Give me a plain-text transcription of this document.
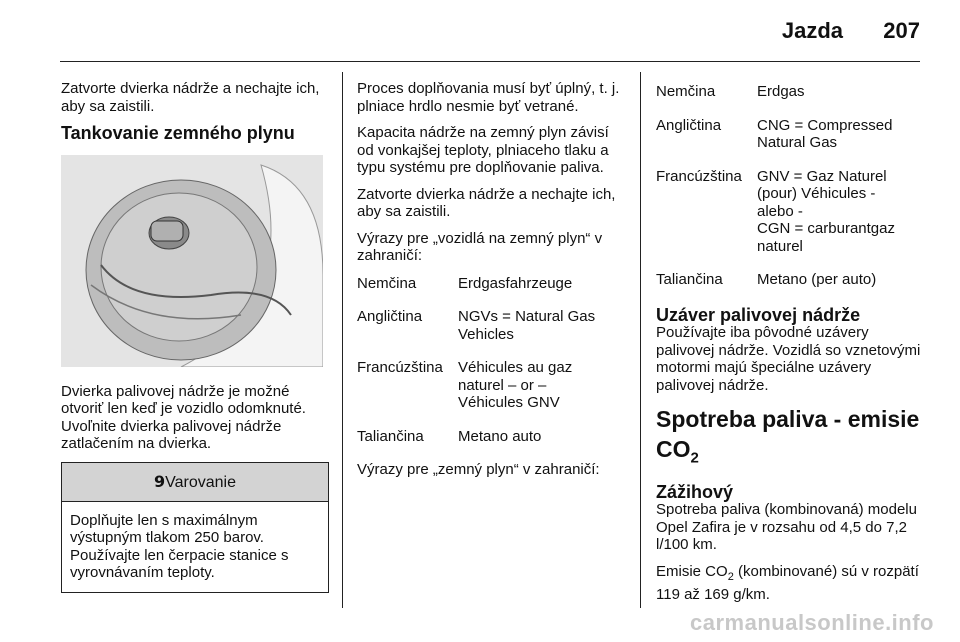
Jazda 207

Zatvorte dvierka nádrže a nechajte ich, aby sa zaistili.

Tankovanie zemného plynu

Dvierka palivovej nádrže je možné otvoriť len keď je vozidlo odomknuté. Uvoľnite dvierka palivovej nádrže zatlačením na dvierka.

9Varovanie
Doplňujte len s maximálnym výstupným tlakom 250 barov. Používajte len čerpacie stanice s vyrovnávaním teploty.

Proces doplňovania musí byť úplný, t. j. plniace hrdlo nesmie byť vetrané.

Kapacita nádrže na zemný plyn závisí od vonkajšej teploty, plniaceho tlaku a typu systému pre doplňovanie paliva.

Zatvorte dvierka nádrže a nechajte ich, aby sa zaistili.

Výrazy pre „vozidlá na zemný plyn“ v zahraničí:

Nemčina	Erdgasfahrzeuge
Angličtina	NGVs = Natural Gas
Vehicles
Francúzština	Véhicules au gaz
naturel – or –
Véhicules GNV
Taliančina	Metano auto

Výrazy pre „zemný plyn“ v zahraničí:

Nemčina	Erdgas
Angličtina	CNG = Compressed
Natural Gas
Francúzština	GNV = Gaz Naturel
(pour) Véhicules -
alebo -
CGN = carburantgaz
naturel
Taliančina	Metano (per auto)
Uzáver palivovej nádrže

Používajte iba pôvodné uzávery palivovej nádrže. Vozidlá so vznetovými motormi majú špeciálne uzávery palivovej nádrže.

Spotreba paliva - emisie
$CO_2$
Zážihový

Spotreba paliva (kombinovaná) modelu Opel Zafira je v rozsahu od 4,5 do 7,2 l/100 km.

Emisie $CO_2$ (kombinované) sú v rozpätí 119 až 169 g/km.

carmanualsonline.info
